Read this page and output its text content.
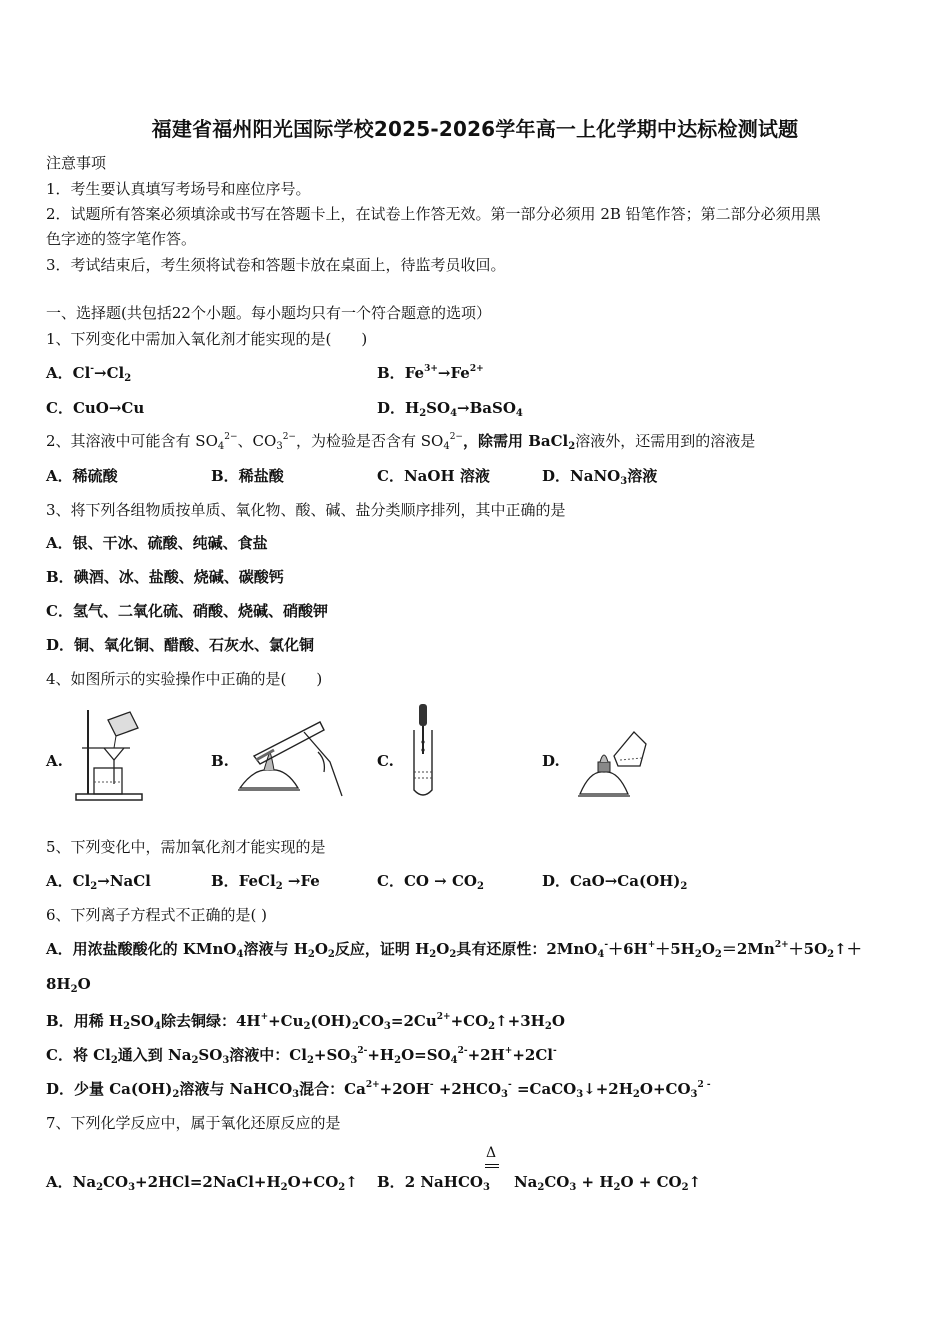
福建省福州阳光国际学校2025-2026学年高一上化学期中达标检测试题
注意事项
1．考生要认真填写考场号和座位序号。
2．试题所有答案必须填涂或书写在答题卡上，在试卷上作答无效。第一部分必须用 2B 铅笔作答；第二部分必须用黑
色字迹的签字笔作答。
3．考试结束后，考生须将试卷和答题卡放在桌面上，待监考员收回。
一、选择题(共包括22个小题。每小题均只有一个符合题意的选项）
1、下列变化中需加入氧化剂才能实现的是(　　)
A．$Cl^-\to Cl_2$	B．$Fe^{3+}\to Fe^{2+}$
C．CuO→Cu	D．$H_2SO_4\to BaSO_4$
2、其溶液中可能含有 $SO_4^{2-}$、$CO_3^{2-}$，为检验是否含有 $SO_4^{2-}$，除需用 BaCl$_2$溶液外，还需用到的溶液是
A．稀硫酸	B．稀盐酸	C．NaOH 溶液	D．NaNO$_3$溶液
3、将下列各组物质按单质、氧化物、酸、碱、盐分类顺序排列，其中正确的是
A．银、干冰、硫酸、纯碱、食盐
B．碘酒、冰、盐酸、烧碱、碳酸钙
C．氢气、二氧化硫、硝酸、烧碱、硝酸钾
D．铜、氧化铜、醋酸、石灰水、氯化铜
4、如图所示的实验操作中正确的是(　　)
A.	B.	C.	D.
5、下列变化中，需加氧化剂才能实现的是
A．$Cl_2\to NaCl$	B．FeCl$_2$ →Fe	C．CO → $CO_2$	D．$CaO\to Ca(OH)_2$
6、下列离子方程式不正确的是( )
A．用浓盐酸酸化的 KMnO$_4$溶液与 $H_2O_2$反应，证明 $H_2O_2$具有还原性：$2MnO_4^-+6H^++5H_2O_2=2Mn^{2+}+5O_2↑+$
$8H_2O$
B．用稀 $H_2SO_4$除去铜绿：$4H^++Cu_2(OH)_2CO_3=2Cu^{2+}+CO_2↑+3H_2O$
C．将 $Cl_2$通入到 $Na_2SO_3$溶液中：$Cl_2+SO_3^{2-}+H_2O=SO_4^{2-}+2H^++2Cl^-$
D．少量 $Ca(OH)_2$溶液与 NaHCO$_3$混合：$Ca^{2+}+2OH^- +2HCO_3^-$ $=CaCO_3↓+2H_2O+CO_3^{2 -}$
7、下列化学反应中，属于氧化还原反应的是
A．$Na_2CO_3+2HCl=2NaCl+H_2O+CO_2↑$ B．2 NaHCO$_3$ $Na_2CO_3 + H_2O$ + $CO_2↑$
Δ
